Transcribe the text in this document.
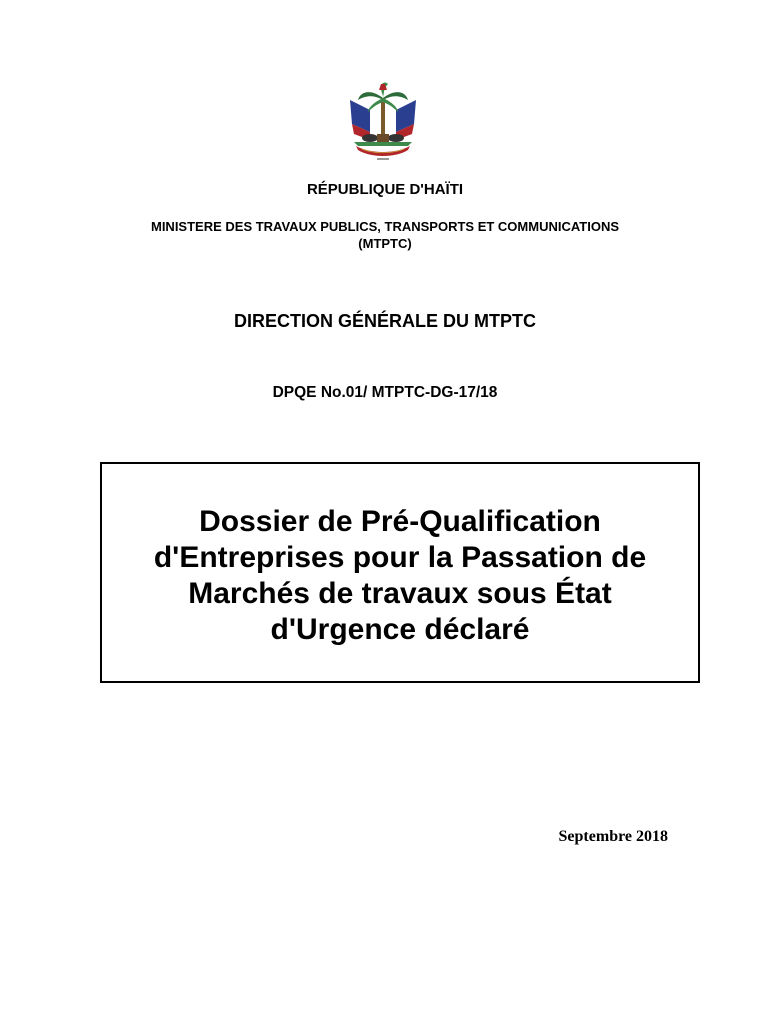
RÉPUBLIQUE D'HAÏTI
MINISTERE DES TRAVAUX PUBLICS, TRANSPORTS ET COMMUNICATIONS
(MTPTC)
DIRECTION GÉNÉRALE DU MTPTC
DPQE No.01/ MTPTC-DG-17/18
Dossier de Pré-Qualification
d'Entreprises pour la Passation de
Marchés de travaux sous État
d'Urgence déclaré
Septembre 2018
